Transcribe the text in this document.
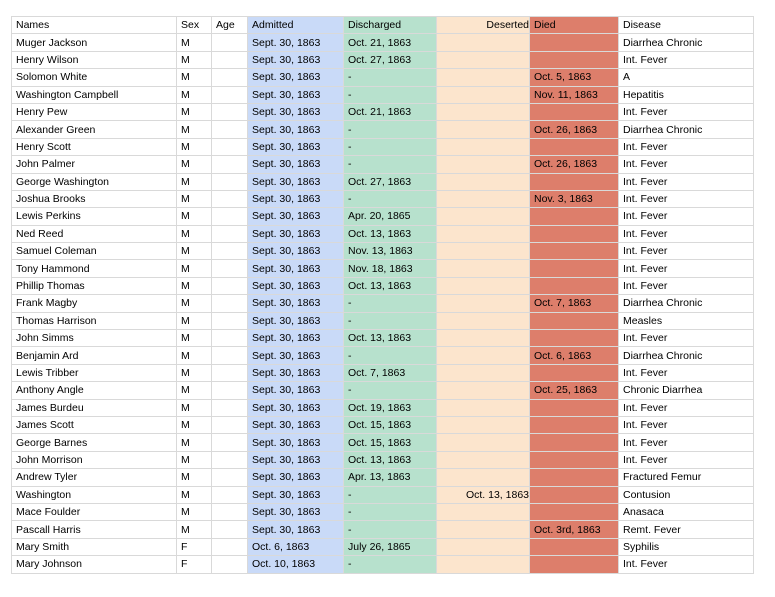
Names	Sex	Age	Admitted	Discharged	Deserted	Died	Disease
Muger Jackson	M		Sept. 30, 1863	Oct. 21, 1863			Diarrhea Chronic
Henry Wilson	M		Sept. 30, 1863	Oct. 27, 1863			Int. Fever
Solomon White	M		Sept. 30, 1863	-		Oct. 5, 1863	A
Washington Campbell	M		Sept. 30, 1863	-		Nov. 11, 1863	Hepatitis
Henry Pew	M		Sept. 30, 1863	Oct. 21, 1863			Int. Fever
Alexander Green	M		Sept. 30, 1863	-		Oct. 26, 1863	Diarrhea Chronic
Henry Scott	M		Sept. 30, 1863	-			Int. Fever
John Palmer	M		Sept. 30, 1863	-		Oct. 26, 1863	Int. Fever
George Washington	M		Sept. 30, 1863	Oct. 27, 1863			Int. Fever
Joshua Brooks	M		Sept. 30, 1863	-		Nov. 3, 1863	Int. Fever
Lewis Perkins	M		Sept. 30, 1863	Apr. 20, 1865			Int. Fever
Ned Reed	M		Sept. 30, 1863	Oct. 13, 1863			Int. Fever
Samuel Coleman	M		Sept. 30, 1863	Nov. 13, 1863			Int. Fever
Tony Hammond	M		Sept. 30, 1863	Nov. 18, 1863			Int. Fever
Phillip Thomas	M		Sept. 30, 1863	Oct. 13, 1863			Int. Fever
Frank Magby	M		Sept. 30, 1863	-		Oct. 7, 1863	Diarrhea Chronic
Thomas Harrison	M		Sept. 30, 1863	-			Measles
John Simms	M		Sept. 30, 1863	Oct. 13, 1863			Int. Fever
Benjamin Ard	M		Sept. 30, 1863	-		Oct. 6, 1863	Diarrhea Chronic
Lewis Tribber	M		Sept. 30, 1863	Oct. 7, 1863			Int. Fever
Anthony Angle	M		Sept. 30, 1863	-		Oct. 25, 1863	Chronic Diarrhea
James Burdeu	M		Sept. 30, 1863	Oct. 19, 1863			Int. Fever
James Scott	M		Sept. 30, 1863	Oct. 15, 1863			Int. Fever
George Barnes	M		Sept. 30, 1863	Oct. 15, 1863			Int. Fever
John Morrison	M		Sept. 30, 1863	Oct. 13, 1863			Int. Fever
Andrew Tyler	M		Sept. 30, 1863	Apr. 13, 1863			Fractured Femur
Washington	M		Sept. 30, 1863	-	Oct. 13, 1863		Contusion
Mace Foulder	M		Sept. 30, 1863	-			Anasaca
Pascall Harris	M		Sept. 30, 1863	-		Oct. 3rd, 1863	Remt. Fever
Mary Smith	F		Oct. 6, 1863	July 26, 1865			Syphilis
Mary Johnson	F		Oct. 10, 1863	-			Int. Fever
